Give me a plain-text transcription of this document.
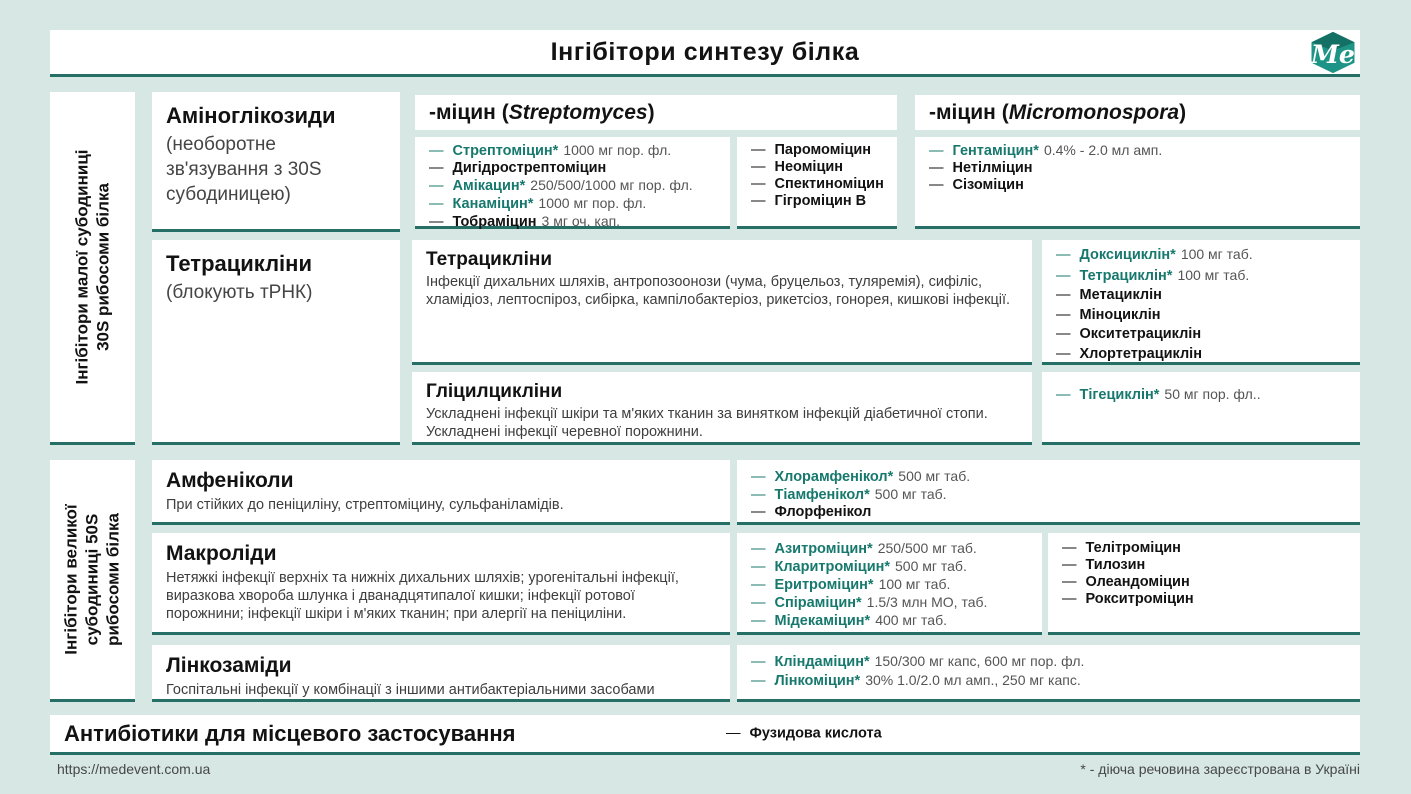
Інгібітори синтезу білка	Me
Інгібітори малої субодиниці 30S рибосоми білка
Аміноглікозиди
(необоротне зв'язування з 30S субодиницею)
-міцин ( Streptomyces )
— Стрептоміцин* 1000 мг пор. фл.
— Дигідрострептоміцин
— Амікацин* 250/500/1000 мг пор. фл.
— Канаміцин* 1000 мг пор. фл.
— Тобраміцин 3 мг оч. кап.
— Паромоміцин
— Неоміцин
— Спектиноміцин
— Гігроміцин В
-міцин ( Micromonospora )
— Гентаміцин* 0.4% - 2.0 мл амп.
— Нетілміцин
— Сізоміцин
Тетрацикліни
(блокують тРНК)
Тетрацикліни
Інфекції дихальних шляхів, антропозоонози (чума, бруцельоз, туляремія), сифіліс, хламідіоз, лептоспіроз, сибірка, кампілобактеріоз, рикетсіоз, гонорея, кишкові інфекції.
— Доксициклін* 100 мг таб.
— Тетрациклін* 100 мг таб.
— Метациклін
— Міноциклін
— Окситетрациклін
— Хлортетрациклін
Гліцилцикліни
Ускладнені інфекції шкіри та м'яких тканин за винятком інфекцій діабетичної стопи. Ускладнені інфекції черевної порожнини.
— Тігециклін* 50 мг пор. фл..
Інгібітори великої субодиниці 50S рибосоми білка
Амфеніколи
При стійких до пеніциліну, стрептоміцину, сульфаніламідів.
— Хлорамфенікол* 500 мг таб.
— Тіамфенікол* 500 мг таб.
— Флорфенікол
Макроліди
Нетяжкі інфекції верхніх та нижніх дихальних шляхів; урогенітальні інфекції, виразкова хвороба шлунка і дванадцятипалої кишки; інфекції ротової порожнини; інфекції шкіри і м'яких тканин; при алергії на пеніциліни.
— Азитроміцин* 250/500 мг таб.
— Кларитроміцин* 500 мг таб.
— Еритроміцин* 100 мг таб.
— Спіраміцин* 1.5/3 млн МО, таб.
— Мідекаміцин* 400 мг таб.
— Телітроміцин
— Тилозин
— Олеандоміцин
— Рокситроміцин
Лінкозаміди
Госпітальні інфекції у комбінації з іншими антибактеріальними засобами
— Кліндаміцин* 150/300 мг капс, 600 мг пор. фл.
— Лінкоміцин* 30% 1.0/2.0 мл амп., 250 мг капс.
Антибіотики для місцевого застосування	— Фузидова кислота
https://medevent.com.ua	* - діюча речовина зареєстрована в Україні
